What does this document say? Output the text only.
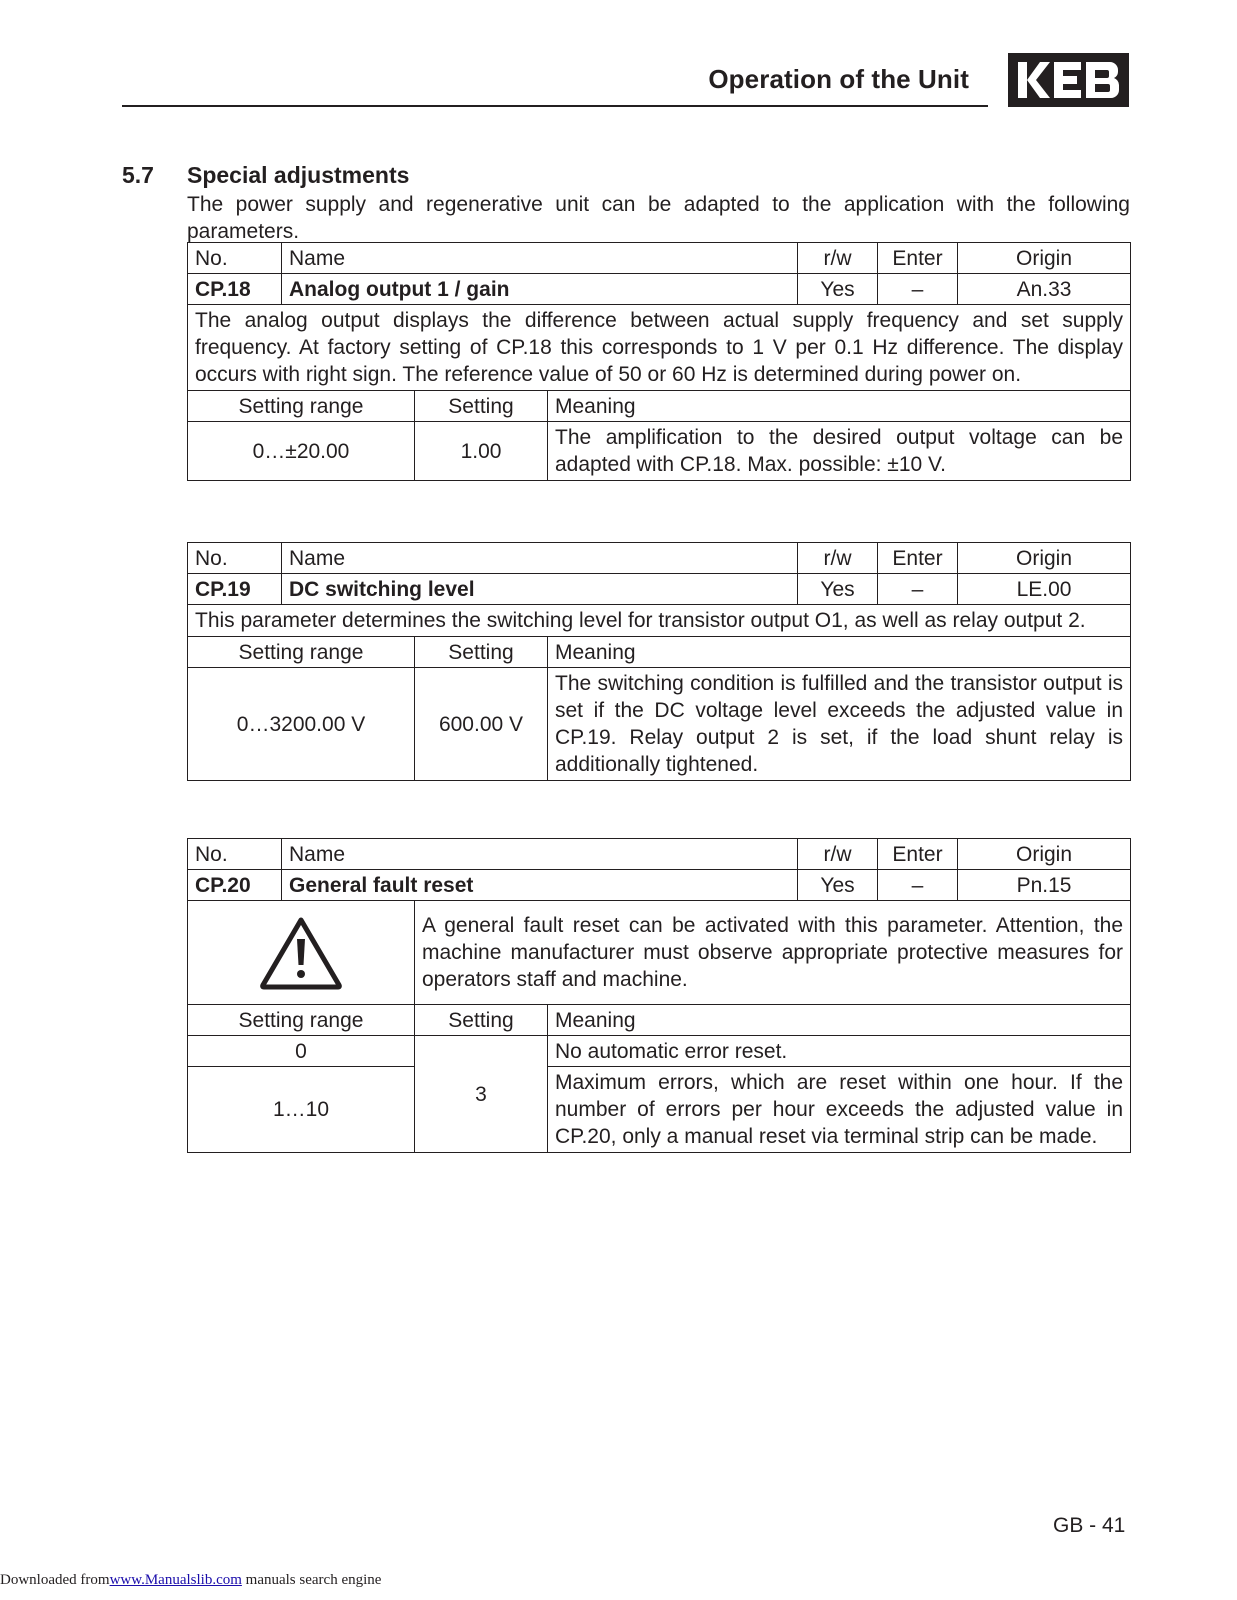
Operation of the Unit
5.7 Special adjustments
The power supply and regenerative unit can be adapted to the application with the following parameters.
No.	Name			r/w	Enter	Origin
CP.18	Analog output 1 / gain			Yes	–	An.33
The analog output displays the difference between actual supply frequency and set supply frequency. At factory setting of CP.18 this corresponds to 1 V per 0.1 Hz difference. The display occurs with right sign. The reference value of 50 or 60 Hz is determined during power on.						
Setting range		Setting	Meaning			
0…±20.00		1.00	The amplification to the desired output voltage can be adapted with CP.18. Max. possible: ±10 V.			
No.	Name			r/w	Enter	Origin
CP.19	DC switching level			Yes	–	LE.00
This parameter determines the switching level for transistor output O1, as well as relay output 2.						
Setting range		Setting	Meaning			
0…3200.00 V		600.00 V	The switching condition is fulfilled and the transistor output is set if the DC voltage level exceeds the adjusted value in CP.19. Relay output 2 is set, if the load shunt relay is additionally tightened.			
No.	Name			r/w	Enter	Origin
CP.20	General fault reset			Yes	–	Pn.15

	A general fault reset can be activated with this parameter. Attention, the machine manufacturer must observe appropriate protective measures for operators staff and machine.				
Setting range		Setting	Meaning			
0		3	No automatic error reset.			
1…10			Maximum errors, which are reset within one hour. If the number of errors per hour exceeds the adjusted value in CP.20, only a manual reset via terminal strip can be made.			
GB - 41
Downloaded fromwww.Manualslib.com manuals search engine
